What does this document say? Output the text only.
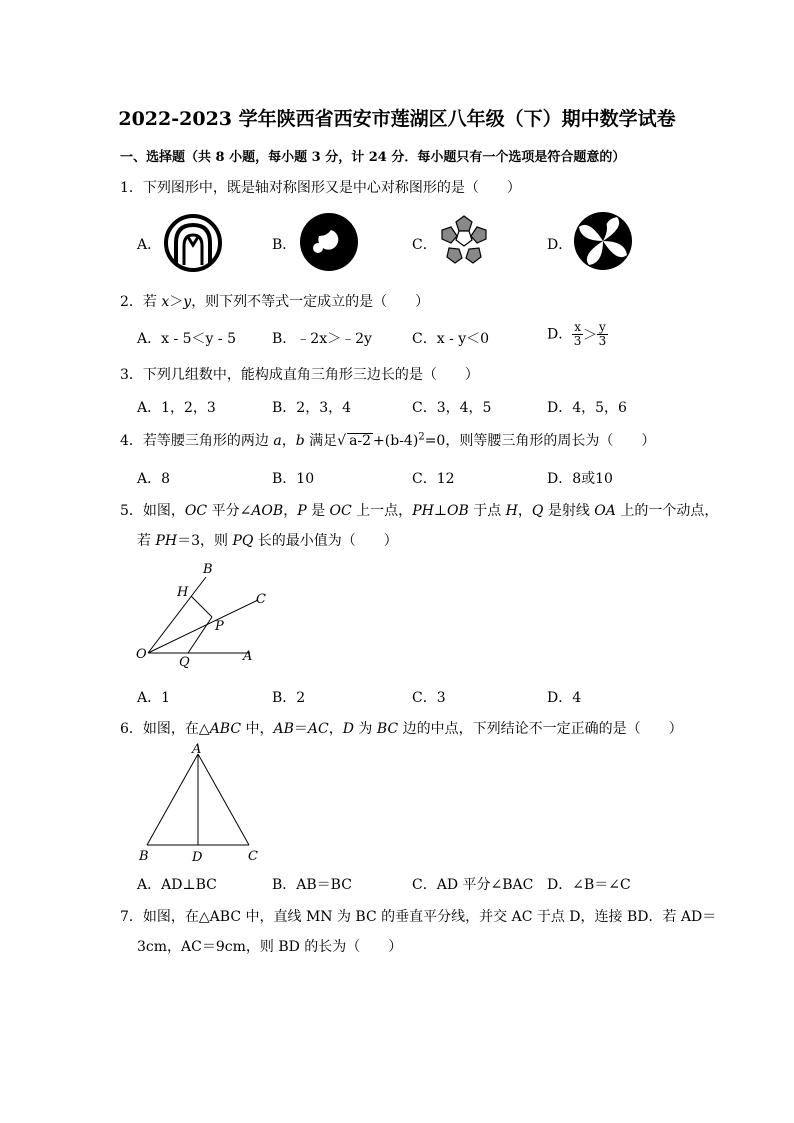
2022-2023 学年陕西省西安市莲湖区八年级（下）期中数学试卷
一、选择题（共 8 小题，每小题 3 分，计 24 分．每小题只有一个选项是符合题意的）
1．下列图形中，既是轴对称图形又是中心对称图形的是（　　）
A．	B．	C．	D．
2．若 x＞y，则下列不等式一定成立的是（　　）
A．x - 5＜y - 5	B．﹣2x＞﹣2y	C．x - y＜0	D． $\frac{x}{3} > \frac{y}{3}$
3．下列几组数中，能构成直角三角形三边长的是（　　）
A．1，2，3	B．2，3，4	C．3，4，5	D．4，5，6
4．若等腰三角形的两边 a，b 满足√ $a-2 +(b-4)^2=0$，则等腰三角形的周长为（　　）
A．8	B．10	C．12	D．8或10
5．如图，OC 平分∠AOB，P 是 OC 上一点，PH⊥OB 于点 H，Q 是射线 OA 上的一个动点，
若 PH＝3，则 PQ 长的最小值为（　　）
B
H	C
P
O
Q	A
A．1	B．2	C．3	D．4
6．如图，在△ABC 中，AB＝AC，D 为 BC 边的中点，下列结论不一定正确的是（　　）
A
B	D	C
A．AD⊥BC	B．AB＝BC	C．AD 平分∠BAC D．∠B＝∠C
7．如图，在△ABC 中，直线 MN 为 BC 的垂直平分线，并交 AC 于点 D，连接 BD．若 AD＝
3cm，AC＝9cm，则 BD 的长为（　　）
